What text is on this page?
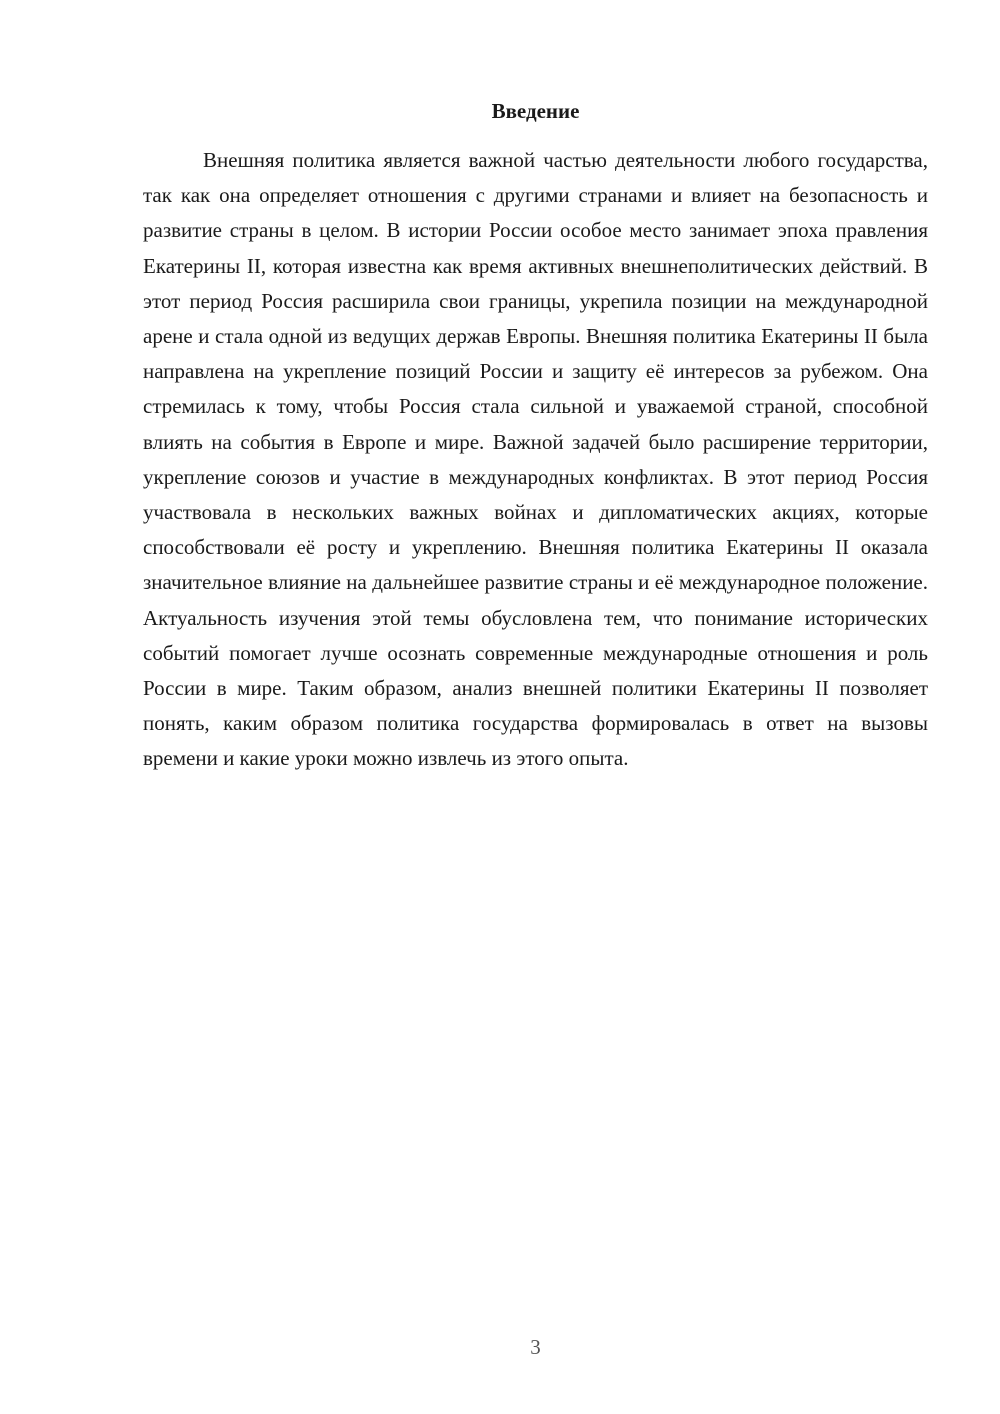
Введение

Внешняя политика является важной частью деятельности любого государства, так как она определяет отношения с другими странами и влияет на безопасность и развитие страны в целом. В истории России особое место занимает эпоха правления Екатерины II, которая известна как время активных внешнеполитических действий. В этот период Россия расширила свои границы, укрепила позиции на международной арене и стала одной из ведущих держав Европы. Внешняя политика Екатерины II была направлена на укрепление позиций России и защиту её интересов за рубежом. Она стремилась к тому, чтобы Россия стала сильной и уважаемой страной, способной влиять на события в Европе и мире. Важной задачей было расширение территории, укрепление союзов и участие в международных конфликтах. В этот период Россия участвовала в нескольких важных войнах и дипломатических акциях, которые способствовали её росту и укреплению. Внешняя политика Екатерины II оказала значительное влияние на дальнейшее развитие страны и её международное положение. Актуальность изучения этой темы обусловлена тем, что понимание исторических событий помогает лучше осознать современные международные отношения и роль России в мире. Таким образом, анализ внешней политики Екатерины II позволяет понять, каким образом политика государства формировалась в ответ на вызовы времени и какие уроки можно извлечь из этого опыта.

3
